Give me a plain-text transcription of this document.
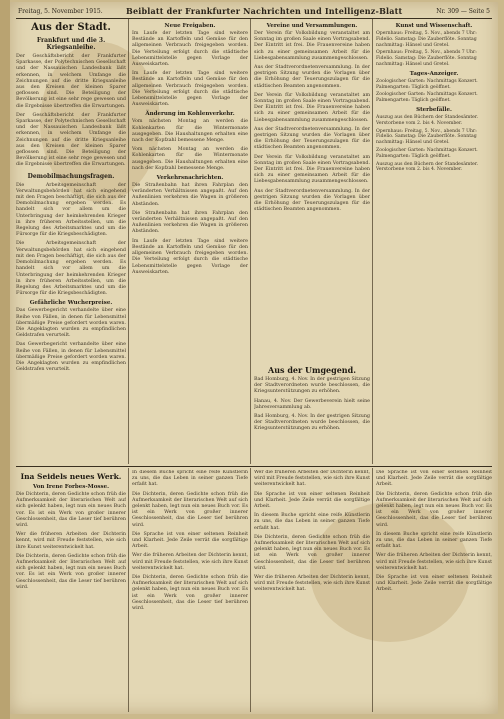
Freitag, 5. November 1915.	Beiblatt der Frankfurter Nachrichten und Intelligenz-Blatt	Nr. 309 — Seite 5
Aus der Stadt.
Frankfurt und die 3. Kriegsanleihe.

Der Geschäftsbericht der Frankfurter Sparkasse, der Polytechnischen Gesellschaft und der Nassauischen Landesbank läßt erkennen, in welchem Umfange die Zeichnungen auf die dritte Kriegsanleihe aus den Kreisen der kleinen Sparer geflossen sind. Die Beteiligung der Bevölkerung ist eine sehr rege gewesen und die Ergebnisse übertreffen die Erwartungen.

Der Geschäftsbericht der Frankfurter Sparkasse, der Polytechnischen Gesellschaft und der Nassauischen Landesbank läßt erkennen, in welchem Umfange die Zeichnungen auf die dritte Kriegsanleihe aus den Kreisen der kleinen Sparer geflossen sind. Die Beteiligung der Bevölkerung ist eine sehr rege gewesen und die Ergebnisse übertreffen die Erwartungen.

Demobilmachungsfragen.

Die Arbeitsgemeinschaft der Verwaltungsbehörden hat sich eingehend mit den Fragen beschäftigt, die sich aus der Demobilmachung ergeben werden. Es handelt sich vor allem um die Unterbringung der heimkehrenden Krieger in ihre früheren Arbeitsstellen, um die Regelung des Arbeitsmarktes und um die Fürsorge für die Kriegsbeschädigten.

Die Arbeitsgemeinschaft der Verwaltungsbehörden hat sich eingehend mit den Fragen beschäftigt, die sich aus der Demobilmachung ergeben werden. Es handelt sich vor allem um die Unterbringung der heimkehrenden Krieger in ihre früheren Arbeitsstellen, um die Regelung des Arbeitsmarktes und um die Fürsorge für die Kriegsbeschädigten.

Gefährliche Wucherpreise.

Das Gewerbegericht verhandelte über eine Reihe von Fällen, in denen für Lebensmittel übermäßige Preise gefordert worden waren. Die Angeklagten wurden zu empfindlichen Geldstrafen verurteilt.

Das Gewerbegericht verhandelte über eine Reihe von Fällen, in denen für Lebensmittel übermäßige Preise gefordert worden waren. Die Angeklagten wurden zu empfindlichen Geldstrafen verurteilt.

Neue Freigaben.

Im Laufe der letzten Tage sind weitere Bestände an Kartoffeln und Gemüse für den allgemeinen Verbrauch freigegeben worden. Die Verteilung erfolgt durch die städtische Lebensmittelstelle gegen Vorlage der Ausweiskarten.

Im Laufe der letzten Tage sind weitere Bestände an Kartoffeln und Gemüse für den allgemeinen Verbrauch freigegeben worden. Die Verteilung erfolgt durch die städtische Lebensmittelstelle gegen Vorlage der Ausweiskarten.

Änderung im Kohlenverkehr.

Vom nächsten Montag an werden die Kohlenkarten für die Wintermonate ausgegeben. Die Haushaltungen erhalten eine nach der Kopfzahl bemessene Menge.

Vom nächsten Montag an werden die Kohlenkarten für die Wintermonate ausgegeben. Die Haushaltungen erhalten eine nach der Kopfzahl bemessene Menge.

Verkehrsnachrichten.

Die Straßenbahn hat ihren Fahrplan den veränderten Verhältnissen angepaßt. Auf den Außenlinien verkehren die Wagen in größeren Abständen.

Die Straßenbahn hat ihren Fahrplan den veränderten Verhältnissen angepaßt. Auf den Außenlinien verkehren die Wagen in größeren Abständen.

Im Laufe der letzten Tage sind weitere Bestände an Kartoffeln und Gemüse für den allgemeinen Verbrauch freigegeben worden. Die Verteilung erfolgt durch die städtische Lebensmittelstelle gegen Vorlage der Ausweiskarten.

Vereine und Versammlungen.

Der Verein für Volksbildung veranstaltet am Sonntag im großen Saale einen Vortragsabend. Der Eintritt ist frei. Die Frauenvereine haben sich zu einer gemeinsamen Arbeit für die Liebesgabensammlung zusammengeschlossen.

Aus der Stadtverordnetenversammlung. In der gestrigen Sitzung wurden die Vorlagen über die Erhöhung der Teuerungszulagen für die städtischen Beamten angenommen.

Der Verein für Volksbildung veranstaltet am Sonntag im großen Saale einen Vortragsabend. Der Eintritt ist frei. Die Frauenvereine haben sich zu einer gemeinsamen Arbeit für die Liebesgabensammlung zusammengeschlossen.

Aus der Stadtverordnetenversammlung. In der gestrigen Sitzung wurden die Vorlagen über die Erhöhung der Teuerungszulagen für die städtischen Beamten angenommen.

Der Verein für Volksbildung veranstaltet am Sonntag im großen Saale einen Vortragsabend. Der Eintritt ist frei. Die Frauenvereine haben sich zu einer gemeinsamen Arbeit für die Liebesgabensammlung zusammengeschlossen.

Aus der Stadtverordnetenversammlung. In der gestrigen Sitzung wurden die Vorlagen über die Erhöhung der Teuerungszulagen für die städtischen Beamten angenommen.

Aus der Umgegend.

Bad Homburg, 4. Nov. In der gestrigen Sitzung der Stadtverordneten wurde beschlossen, die Kriegsunterstützungen zu erhöhen.

Hanau, 4. Nov. Der Gewerbeverein hielt seine Jahresversammlung ab.

Bad Homburg, 4. Nov. In der gestrigen Sitzung der Stadtverordneten wurde beschlossen, die Kriegsunterstützungen zu erhöhen.

Kunst und Wissenschaft.

Opernhaus: Freitag, 5. Nov., abends 7 Uhr: Fidelio. Samstag: Die Zauberflöte. Sonntag nachmittag: Hänsel und Gretel.

Opernhaus: Freitag, 5. Nov., abends 7 Uhr: Fidelio. Samstag: Die Zauberflöte. Sonntag nachmittag: Hänsel und Gretel.

Tages-Anzeiger.

Zoologischer Garten: Nachmittags Konzert. Palmengarten: Täglich geöffnet.

Zoologischer Garten: Nachmittags Konzert. Palmengarten: Täglich geöffnet.

Sterbefälle.

Auszug aus den Büchern der Standesämter. Verstorbene vom 2. bis 4. November.

Opernhaus: Freitag, 5. Nov., abends 7 Uhr: Fidelio. Samstag: Die Zauberflöte. Sonntag nachmittag: Hänsel und Gretel.

Zoologischer Garten: Nachmittags Konzert. Palmengarten: Täglich geöffnet.

Auszug aus den Büchern der Standesämter. Verstorbene vom 2. bis 4. November.

Ina Seidels neues Werk.
Von Irene Forbes-Mosse.

Die Dichterin, deren Gedichte schon früh die Aufmerksamkeit der literarischen Welt auf sich gelenkt haben, legt nun ein neues Buch vor. Es ist ein Werk von großer innerer Geschlossenheit, das die Leser tief berühren wird.

Wer die früheren Arbeiten der Dichterin kennt, wird mit Freude feststellen, wie sich ihre Kunst weiterentwickelt hat.

Die Dichterin, deren Gedichte schon früh die Aufmerksamkeit der literarischen Welt auf sich gelenkt haben, legt nun ein neues Buch vor. Es ist ein Werk von großer innerer Geschlossenheit, das die Leser tief berühren wird.

In diesem Buche spricht eine reife Künstlerin zu uns, die das Leben in seiner ganzen Tiefe erfaßt hat.

Die Dichterin, deren Gedichte schon früh die Aufmerksamkeit der literarischen Welt auf sich gelenkt haben, legt nun ein neues Buch vor. Es ist ein Werk von großer innerer Geschlossenheit, das die Leser tief berühren wird.

Die Sprache ist von einer seltenen Reinheit und Klarheit. Jede Zeile verrät die sorgfältige Arbeit.

Wer die früheren Arbeiten der Dichterin kennt, wird mit Freude feststellen, wie sich ihre Kunst weiterentwickelt hat.

Die Dichterin, deren Gedichte schon früh die Aufmerksamkeit der literarischen Welt auf sich gelenkt haben, legt nun ein neues Buch vor. Es ist ein Werk von großer innerer Geschlossenheit, das die Leser tief berühren wird.

Wer die früheren Arbeiten der Dichterin kennt, wird mit Freude feststellen, wie sich ihre Kunst weiterentwickelt hat.

Die Sprache ist von einer seltenen Reinheit und Klarheit. Jede Zeile verrät die sorgfältige Arbeit.

In diesem Buche spricht eine reife Künstlerin zu uns, die das Leben in seiner ganzen Tiefe erfaßt hat.

Die Dichterin, deren Gedichte schon früh die Aufmerksamkeit der literarischen Welt auf sich gelenkt haben, legt nun ein neues Buch vor. Es ist ein Werk von großer innerer Geschlossenheit, das die Leser tief berühren wird.

Wer die früheren Arbeiten der Dichterin kennt, wird mit Freude feststellen, wie sich ihre Kunst weiterentwickelt hat.

Die Sprache ist von einer seltenen Reinheit und Klarheit. Jede Zeile verrät die sorgfältige Arbeit.

Die Dichterin, deren Gedichte schon früh die Aufmerksamkeit der literarischen Welt auf sich gelenkt haben, legt nun ein neues Buch vor. Es ist ein Werk von großer innerer Geschlossenheit, das die Leser tief berühren wird.

In diesem Buche spricht eine reife Künstlerin zu uns, die das Leben in seiner ganzen Tiefe erfaßt hat.

Wer die früheren Arbeiten der Dichterin kennt, wird mit Freude feststellen, wie sich ihre Kunst weiterentwickelt hat.

Die Sprache ist von einer seltenen Reinheit und Klarheit. Jede Zeile verrät die sorgfältige Arbeit.
